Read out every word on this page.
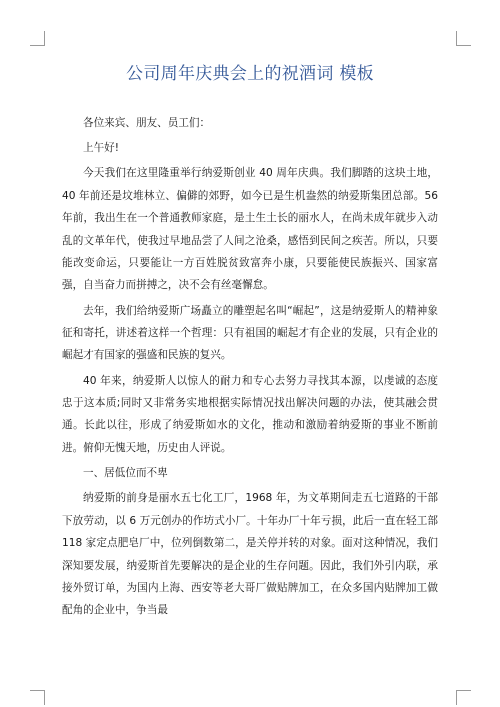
公司周年庆典会上的祝酒词 模板

各位来宾、朋友、员工们：

上午好!

今天我们在这里隆重举行纳爱斯创业 40 周年庆典。我们脚踏的这块土地，40 年前还是坟堆林立、偏僻的郊野，如今已是生机盎然的纳爱斯集团总部。56 年前，我出生在一个普通教师家庭，是土生土长的丽水人，在尚未成年就步入动乱的文革年代，使我过早地品尝了人间之沧桑，感悟到民间之疾苦。所以，只要能改变命运，只要能让一方百姓脱贫致富奔小康，只要能使民族振兴、国家富强，自当奋力而拼搏之，决不会有丝毫懈怠。

去年，我们给纳爱斯广场矗立的雕塑起名叫“崛起”，这是纳爱斯人的精神象征和寄托，讲述着这样一个哲理：只有祖国的崛起才有企业的发展，只有企业的崛起才有国家的强盛和民族的复兴。

40 年来，纳爱斯人以惊人的耐力和专心去努力寻找其本源，以虔诚的态度忠于这本质;同时又非常务实地根据实际情况找出解决问题的办法，使其融会贯通。长此以往，形成了纳爱斯如水的文化，推动和激励着纳爱斯的事业不断前进。俯仰无愧天地，历史由人评说。

一、居低位而不卑

纳爱斯的前身是丽水五七化工厂，1968 年，为文革期间走五七道路的干部下放劳动，以 6 万元创办的作坊式小厂。十年办厂十年亏损，此后一直在轻工部 118 家定点肥皂厂中，位列倒数第二，是关停并转的对象。面对这种情况，我们深知要发展，纳爱斯首先要解决的是企业的生存问题。因此，我们外引内联，承接外贸订单，为国内上海、西安等老大哥厂做贴牌加工，在众多国内贴牌加工做配角的企业中，争当最
